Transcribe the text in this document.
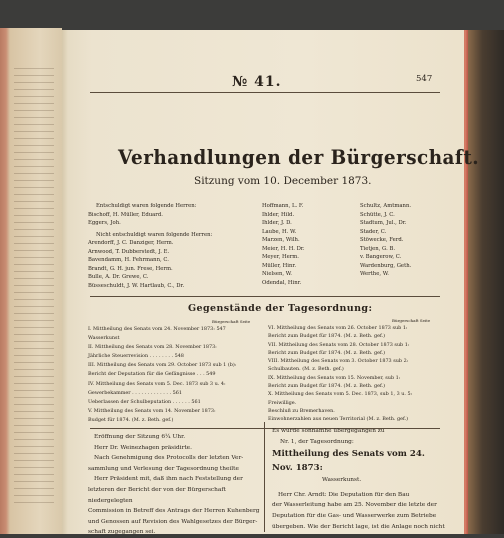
№ 41.	547
Verhandlungen der Bürgerschaft.
Sitzung vom 10. December 1873.
Entschuldigt waren folgende Herren:
Bischoff, H. Müller, Eduard.
Eggers, Joh.
Nicht entschuldigt waren folgende Herren:
Arendorff, J. C. Danziger, Herm.
Arnwood, T. Dubberstedt, J. E.
Bavendamm, H. Fehrmann, C.
Brandt, G. H. jun. Frese, Herm.
Bulle, A. Dr. Grewe, C.
Büsseschuldt, J. W. Hartlaub, C., Dr.
Hoffmann, L. F.
Ihlder, Hild.
Ihlder, J. D.
Laube, H. W.
Marzen, Wilh.
Meier, H. H. Dr.
Meyer, Herm.
Müller, Hinr.
Nielsen, W.
Odendal, Hinr.
Schultz, Amtmann.
Schütte, J. C.
Stadtum, Jul., Dr.
Stader, C.
Stöwecke, Ferd.
Tietjen, G. B.
v. Bangerow, C.
Wardenburg, Geth.
Werthe, W.
Gegenstände der Tagesordnung:
Bürgerschaft Seite	Bürgerschaft Seite
I. Mittheilung des Senats vom 24. November 1873: 547
Wasserkunst
II. Mittheilung des Senats vom 28. November 1873:
Jährliche Steuerrevision . . . . . . . . 548
III. Mittheilung des Senats vom 29. October 1873 sub 1 (b):
Bericht der Deputation für die Gefängnisse . . . 549
IV. Mittheilung des Senats vom 5. Dec. 1873 sub 3 u. 4:
Gewerbekammer . . . . . . . . . . . . . 561
Ueberlassen der Schulbeputation . . . . . . 561
V. Mittheilung des Senats vom 14. November 1873:
Budget für 1874. (M. z. Beth. gef.)
VI. Mittheilung des Senats vom 26. October 1873 sub 1:
Bericht zum Budget für 1874. (M. z. Beth. gef.)
VII. Mittheilung des Senats vom 28. October 1873 sub 1:
Bericht zum Budget für 1874. (M. z. Beth. gef.)
VIII. Mittheilung des Senats vom 3. October 1873 sub 2:
Schulbauten. (M. z. Beth. gef.)
IX. Mittheilung des Senats vom 15. November, sub 1:
Bericht zum Budget für 1874. (M. z. Beth. gef.)
X. Mittheilung des Senats vom 5. Dec. 1873, sub 1, 3 u. 5:
Freiwillige.
Beschluß zu Bremerhaven.
Einwohnerzahlen aus neuen Territorial (M. z. Beth. gef.)
Eröffnung der Sitzung 6¼ Uhr.
Herr Dr. Weinezhagen präsidirte.
Nach Genehmigung des Protocolls der letzten Ver-
sammlung und Verlesung der Tagesordnung theilte
Herr Präsident mit, daß ihm nach Feststellung der
letzteren der Bericht der von der Bürgerschaft niedergelegten
Commission in Betreff des Antrags der Herren Kuhenberg
und Genossen auf Revision des Wahlgesetzes der Bürger-
schaft zugegangen sei.
Es wurde sonnamhe übergegangen zu
Nr. 1, der Tagesordnung:
Mittheilung des Senats vom 24. Nov. 1873:
Wasserkunst.
Herr Chr. Arndt: Die Deputation für den Bau
der Wasserleitung habe am 25. November die letzte der
Deputation für die Gas- und Wasserwerke zum Betriebe
übergeben. Wie der Bericht lage, ist die Anlage noch nicht
